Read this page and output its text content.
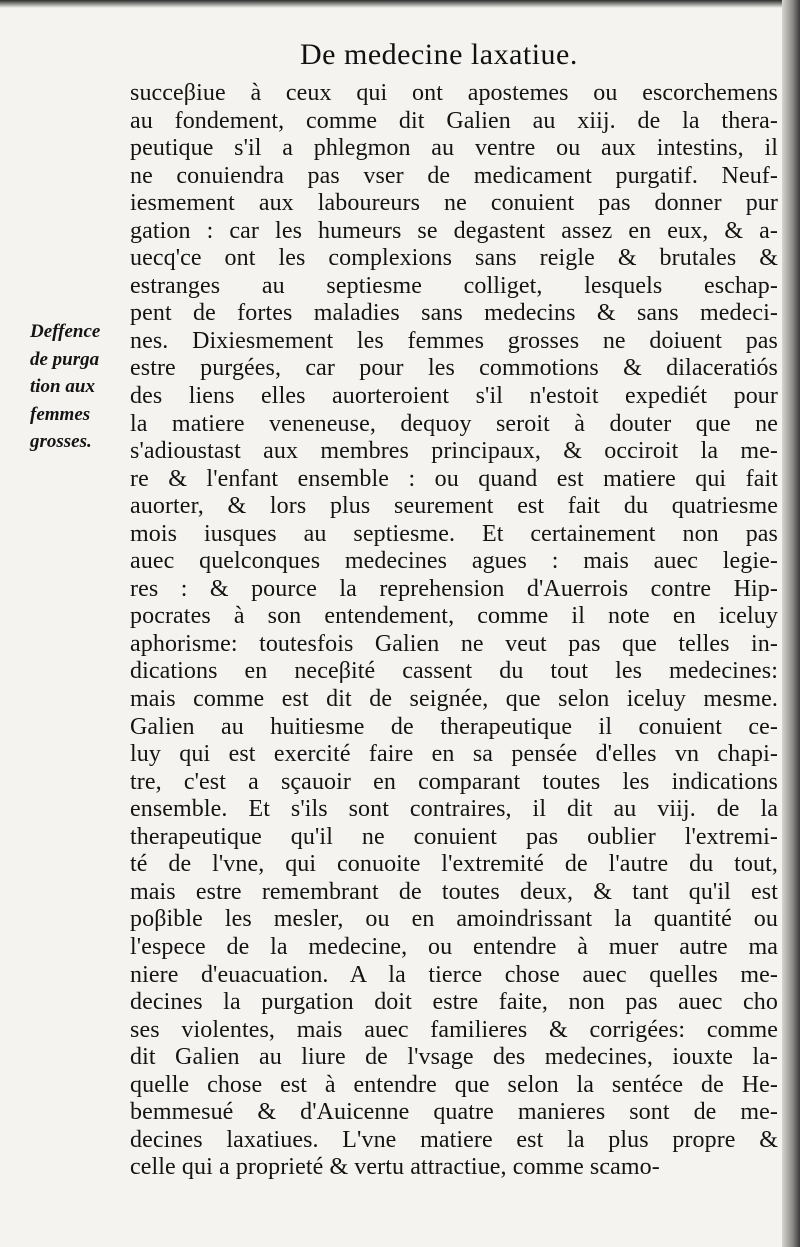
De medecine laxatiue.
Deffence
de purga
tion aux
femmes
grosses.
succeβiue à ceux qui ont apostemes ou escorchemens
au fondement, comme dit Galien au xiij. de la thera-
peutique s'il a phlegmon au ventre ou aux intestins, il
ne conuiendra pas vser de medicament purgatif. Neuf-
iesmement aux laboureurs ne conuient pas donner pur
gation : car les humeurs se degastent assez en eux, & a-
uecq'ce ont les complexions sans reigle & brutales &
estranges au septiesme colliget, lesquels eschap-
pent de fortes maladies sans medecins & sans medeci-
nes. Dixiesmement les femmes grosses ne doiuent pas
estre purgées, car pour les commotions & dilaceratiós
des liens elles auorteroient s'il n'estoit expediét pour
la matiere veneneuse, dequoy seroit à douter que ne
s'adioustast aux membres principaux, & occiroit la me-
re & l'enfant ensemble : ou quand est matiere qui fait
auorter, & lors plus seurement est fait du quatriesme
mois iusques au septiesme. Et certainement non pas
auec quelconques medecines agues : mais auec legie-
res : & pource la reprehension d'Auerrois contre Hip-
pocrates à son entendement, comme il note en iceluy
aphorisme: toutesfois Galien ne veut pas que telles in-
dications en neceβité cassent du tout les medecines:
mais comme est dit de seignée, que selon iceluy mesme.
Galien au huitiesme de therapeutique il conuient ce-
luy qui est exercité faire en sa pensée d'elles vn chapi-
tre, c'est a sçauoir en comparant toutes les indications
ensemble. Et s'ils sont contraires, il dit au viij. de la
therapeutique qu'il ne conuient pas oublier l'extremi-
té de l'vne, qui conuoite l'extremité de l'autre du tout,
mais estre remembrant de toutes deux, & tant qu'il est
poβible les mesler, ou en amoindrissant la quantité ou
l'espece de la medecine, ou entendre à muer autre ma
niere d'euacuation. A la tierce chose auec quelles me-
decines la purgation doit estre faite, non pas auec cho
ses violentes, mais auec familieres & corrigées: comme
dit Galien au liure de l'vsage des medecines, iouxte la-
quelle chose est à entendre que selon la sentéce de He-
bemmesué & d'Auicenne quatre manieres sont de me-
decines laxatiues. L'vne matiere est la plus propre &
celle qui a proprieté & vertu attractiue, comme scamo-
